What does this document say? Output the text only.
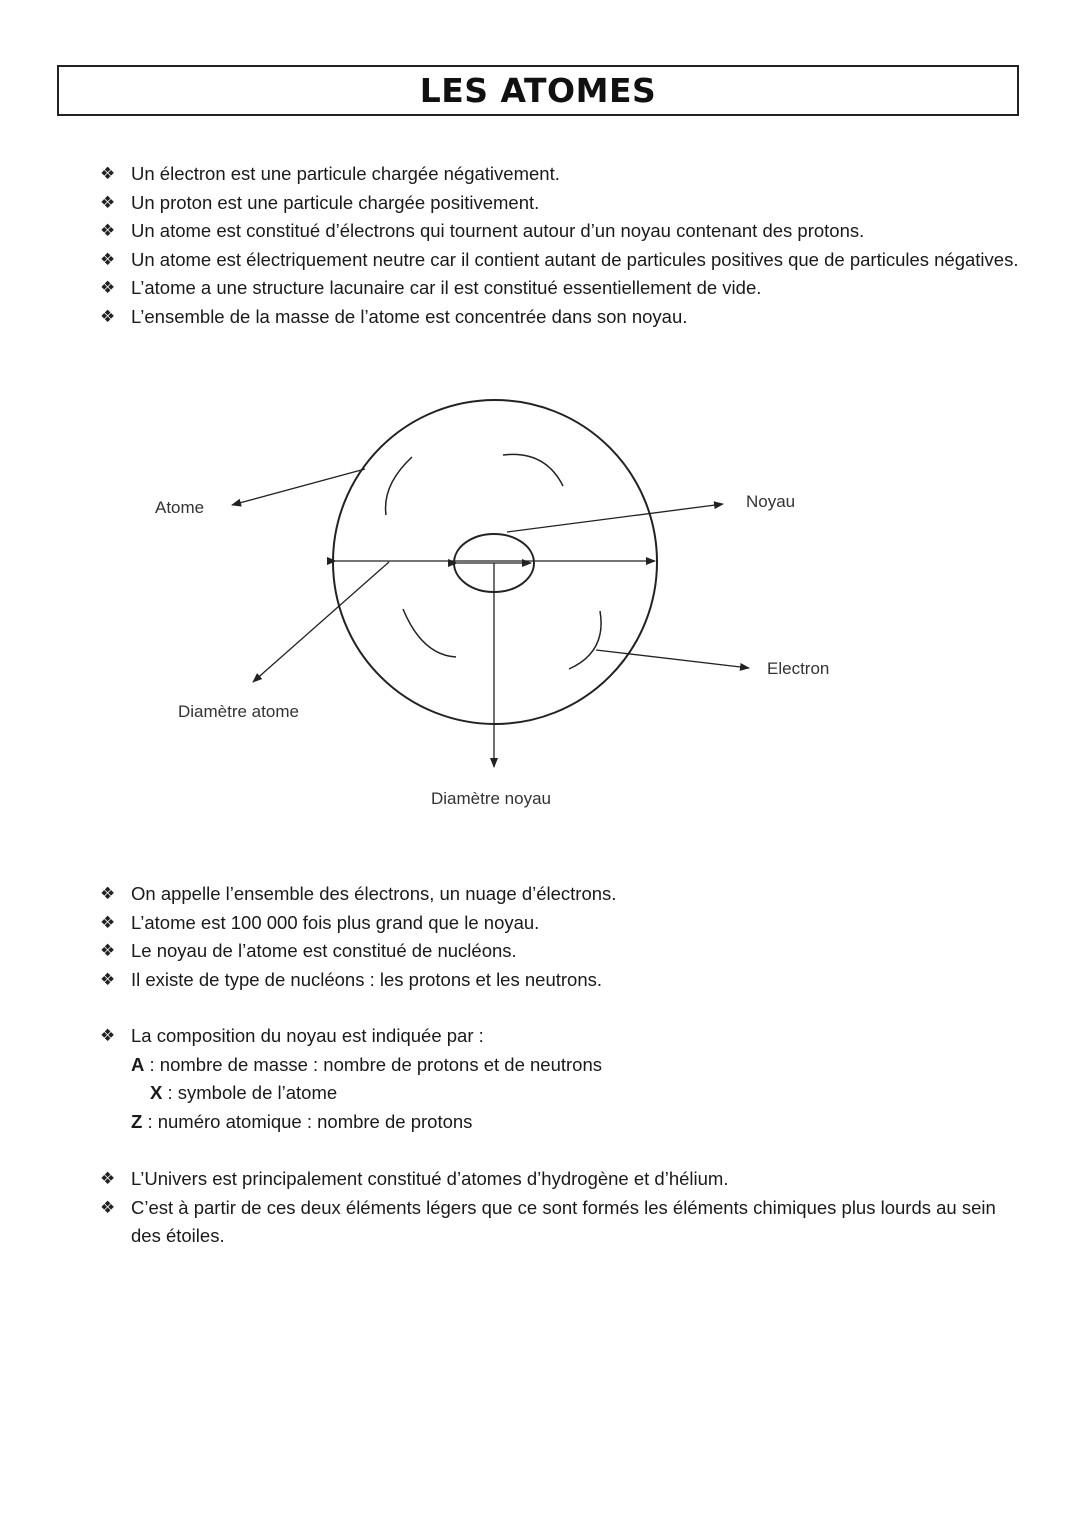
LES ATOMES
❖ Un électron est une particule chargée négativement.
❖ Un proton est une particule chargée positivement.
❖ Un atome est constitué d’électrons qui tournent autour d’un noyau contenant des protons.
❖ Un atome est électriquement neutre car il contient autant de particules positives que de particules négatives.
❖ L’atome a une structure lacunaire car il est constitué essentiellement de vide.
❖ L’ensemble de la masse de l’atome est concentrée dans son noyau.
Atome	Noyau
Electron
Diamètre atome
Diamètre noyau
❖ On appelle l’ensemble des électrons, un nuage d’électrons.
❖ L’atome est 100 000 fois plus grand que le noyau.
❖ Le noyau de l’atome est constitué de nucléons.
❖ Il existe de type de nucléons : les protons et les neutrons.
❖ La composition du noyau est indiquée par :
A : nombre de masse : nombre de protons et de neutrons
X : symbole de l’atome
Z : numéro atomique : nombre de protons
❖ L’Univers est principalement constitué d’atomes d’hydrogène et d’hélium.
❖ C’est à partir de ces deux éléments légers que ce sont formés les éléments chimiques plus lourds au sein des étoiles.
